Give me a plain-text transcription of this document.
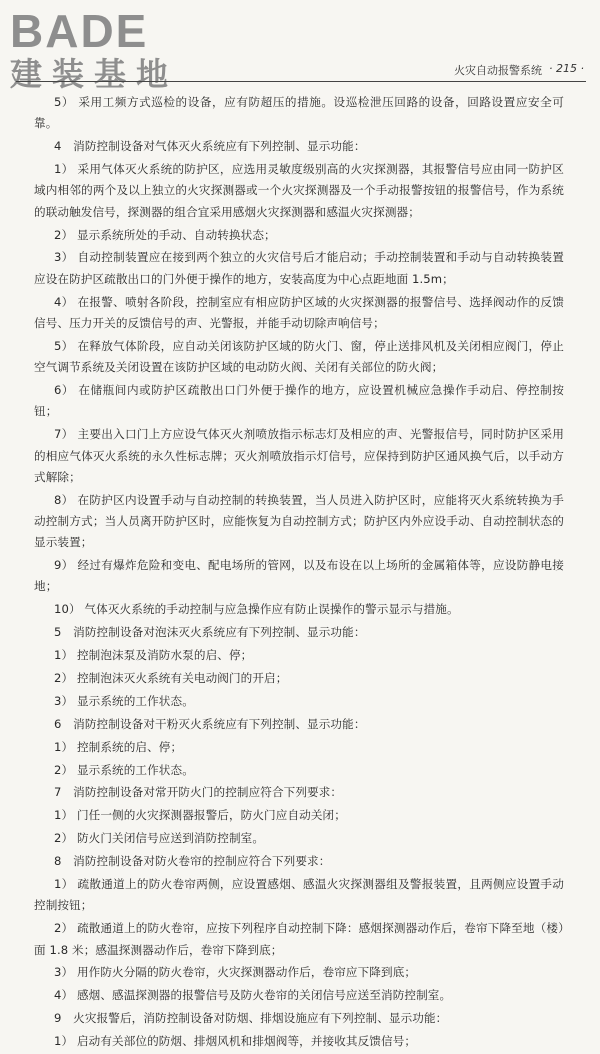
BADE
建装基地	火灾自动报警系统 · 215 ·

5） 采用工频方式巡检的设备，应有防超压的措施。设巡检泄压回路的设备，回路设置应安全可靠。

4　消防控制设备对气体灭火系统应有下列控制、显示功能：

1） 采用气体灭火系统的防护区，应选用灵敏度级别高的火灾探测器，其报警信号应由同一防护区域内相邻的两个及以上独立的火灾探测器或一个火灾探测器及一个手动报警按钮的报警信号，作为系统的联动触发信号，探测器的组合宜采用感烟火灾探测器和感温火灾探测器；

2） 显示系统所处的手动、自动转换状态；

3） 自动控制装置应在接到两个独立的火灾信号后才能启动；手动控制装置和手动与自动转换装置应设在防护区疏散出口的门外便于操作的地方，安装高度为中心点距地面 1.5m；

4） 在报警、喷射各阶段，控制室应有相应防护区域的火灾探测器的报警信号、选择阀动作的反馈信号、压力开关的反馈信号的声、光警报，并能手动切除声响信号；

5） 在释放气体阶段，应自动关闭该防护区域的防火门、窗，停止送排风机及关闭相应阀门，停止空气调节系统及关闭设置在该防护区域的电动防火阀、关闭有关部位的防火阀；

6） 在储瓶间内或防护区疏散出口门外便于操作的地方，应设置机械应急操作手动启、停控制按钮；

7） 主要出入口门上方应设气体灭火剂喷放指示标志灯及相应的声、光警报信号，同时防护区采用的相应气体灭火系统的永久性标志牌；灭火剂喷放指示灯信号，应保持到防护区通风换气后，以手动方式解除；

8） 在防护区内设置手动与自动控制的转换装置，当人员进入防护区时，应能将灭火系统转换为手动控制方式；当人员离开防护区时，应能恢复为自动控制方式；防护区内外应设手动、自动控制状态的显示装置；

9） 经过有爆炸危险和变电、配电场所的管网，以及布设在以上场所的金属箱体等，应设防静电接地；

10） 气体灭火系统的手动控制与应急操作应有防止误操作的警示显示与措施。

5　消防控制设备对泡沫灭火系统应有下列控制、显示功能：

1） 控制泡沫泵及消防水泵的启、停；

2） 控制泡沫灭火系统有关电动阀门的开启；

3） 显示系统的工作状态。

6　消防控制设备对干粉灭火系统应有下列控制、显示功能：

1） 控制系统的启、停；

2） 显示系统的工作状态。

7　消防控制设备对常开防火门的控制应符合下列要求：

1） 门任一侧的火灾探测器报警后，防火门应自动关闭；

2） 防火门关闭信号应送到消防控制室。

8　消防控制设备对防火卷帘的控制应符合下列要求：

1） 疏散通道上的防火卷帘两侧，应设置感烟、感温火灾探测器组及警报装置，且两侧应设置手动控制按钮；

2） 疏散通道上的防火卷帘，应按下列程序自动控制下降：感烟探测器动作后，卷帘下降至地（楼）面 1.8 米；感温探测器动作后，卷帘下降到底；

3） 用作防火分隔的防火卷帘，火灾探测器动作后，卷帘应下降到底；

4） 感烟、感温探测器的报警信号及防火卷帘的关闭信号应送至消防控制室。

9　火灾报警后，消防控制设备对防烟、排烟设施应有下列控制、显示功能：

1） 启动有关部位的防烟、排烟风机和排烟阀等，并接收其反馈信号；
